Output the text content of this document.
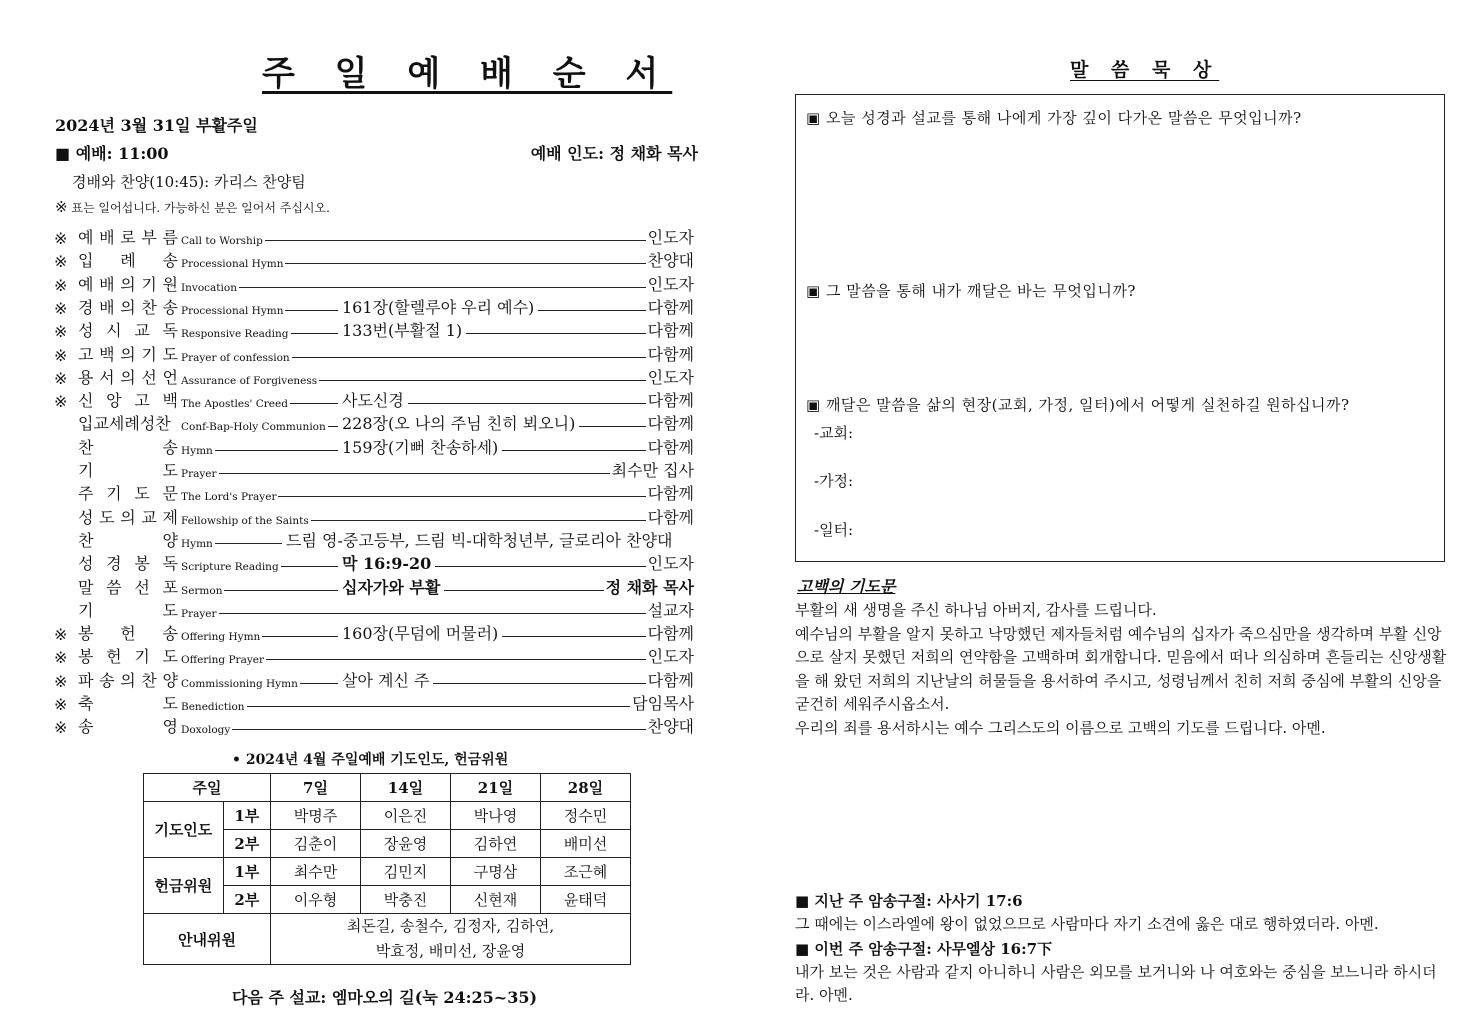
주 일 예 배 순 서
2024년 3월 31일 부활주일
■ 예배: 11:00	예배 인도: 정 채화 목사
경배와 찬양(10:45): 카리스 찬양팀
※ 표는 일어섭니다. 가능하신 분은 일어서 주십시오.
※ 예 배 로 부 름 Call to Worship	인도자
※ 입 례 송 Processional Hymn	찬양대
※ 예 배 의 기 원 Invocation	인도자
※ 경 배 의 찬 송 Processional Hymn	161장(할렐루야 우리 예수)	다함께
※ 성 시 교 독 Responsive Reading	133번(부활절 1)	다함께
※ 고 백 의 기 도 Prayer of confession	다함께
※ 용 서 의 선 언 Assurance of Forgiveness	인도자
※ 신 앙 고 백 The Apostles' Creed	사도신경	다함께
입교세례성찬 Conf-Bap-Holy Communion 228장(오 나의 주님 친히 뵈오니)	다함께
찬	송 Hymn	159장(기뻐 찬송하세)	다함께
기	도 Prayer	최수만 집사
주 기 도 문 The Lord's Prayer	다함께
성 도 의 교 제 Fellowship of the Saints	다함께
찬	양 Hymn	드림 영-중고등부, 드림 빅-대학청년부, 글로리아 찬양대
성 경 봉 독 Scripture Reading	막 16:9-20	인도자
말 씀 선 포 Sermon	십자가와 부활	정 채화 목사
기	도 Prayer	설교자
※ 봉 헌 송 Offering Hymn	160장(무덤에 머물러)	다함께
※ 봉 헌 기 도 Offering Prayer	인도자
※ 파 송 의 찬 양 Commissioning Hymn	살아 계신 주	다함께
※ 축	도 Benediction	담임목사
※ 송	영 Doxology	찬양대
• 2024년 4월 주일예배 기도인도, 헌금위원
주일		7일	14일	21일	28일
기도인도	1부	박명주	이은진	박나영	정수민
	2부	김춘이	장윤영	김하연	배미선
헌금위원	1부	최수만	김민지	구명삼	조근혜
	2부	이우형	박충진	신현재	윤태덕
안내위원		최돈길, 송철수, 김정자, 김하연,
박효정, 배미선, 장윤영			
다음 주 설교: 엠마오의 길(눅 24:25~35)
말 씀 묵 상
▣ 오늘 성경과 설교를 통해 나에게 가장 깊이 다가온 말씀은 무엇입니까?
▣ 그 말씀을 통해 내가 깨달은 바는 무엇입니까?
▣ 깨달은 말씀을 삶의 현장(교회, 가정, 일터)에서 어떻게 실천하길 원하십니까?
-교회:
-가정:
-일터:
고백의 기도문

부활의 새 생명을 주신 하나님 아버지, 감사를 드립니다.

예수님의 부활을 알지 못하고 낙망했던 제자들처럼 예수님의 십자가 죽으심만을 생각하며 부활 신앙으로 살지 못했던 저희의 연약함을 고백하며 회개합니다. 믿음에서 떠나 의심하며 흔들리는 신앙생활을 해 왔던 저희의 지난날의 허물들을 용서하여 주시고, 성령님께서 친히 저희 중심에 부활의 신앙을 굳건히 세워주시옵소서.

우리의 죄를 용서하시는 예수 그리스도의 이름으로 고백의 기도를 드립니다. 아멘.

■ 지난 주 암송구절: 사사기 17:6
그 때에는 이스라엘에 왕이 없었으므로 사람마다 자기 소견에 옳은 대로 행하였더라. 아멘.
■ 이번 주 암송구절: 사무엘상 16:7下
내가 보는 것은 사람과 같지 아니하니 사람은 외모를 보거니와 나 여호와는 중심을 보느니라 하시더라. 아멘.
